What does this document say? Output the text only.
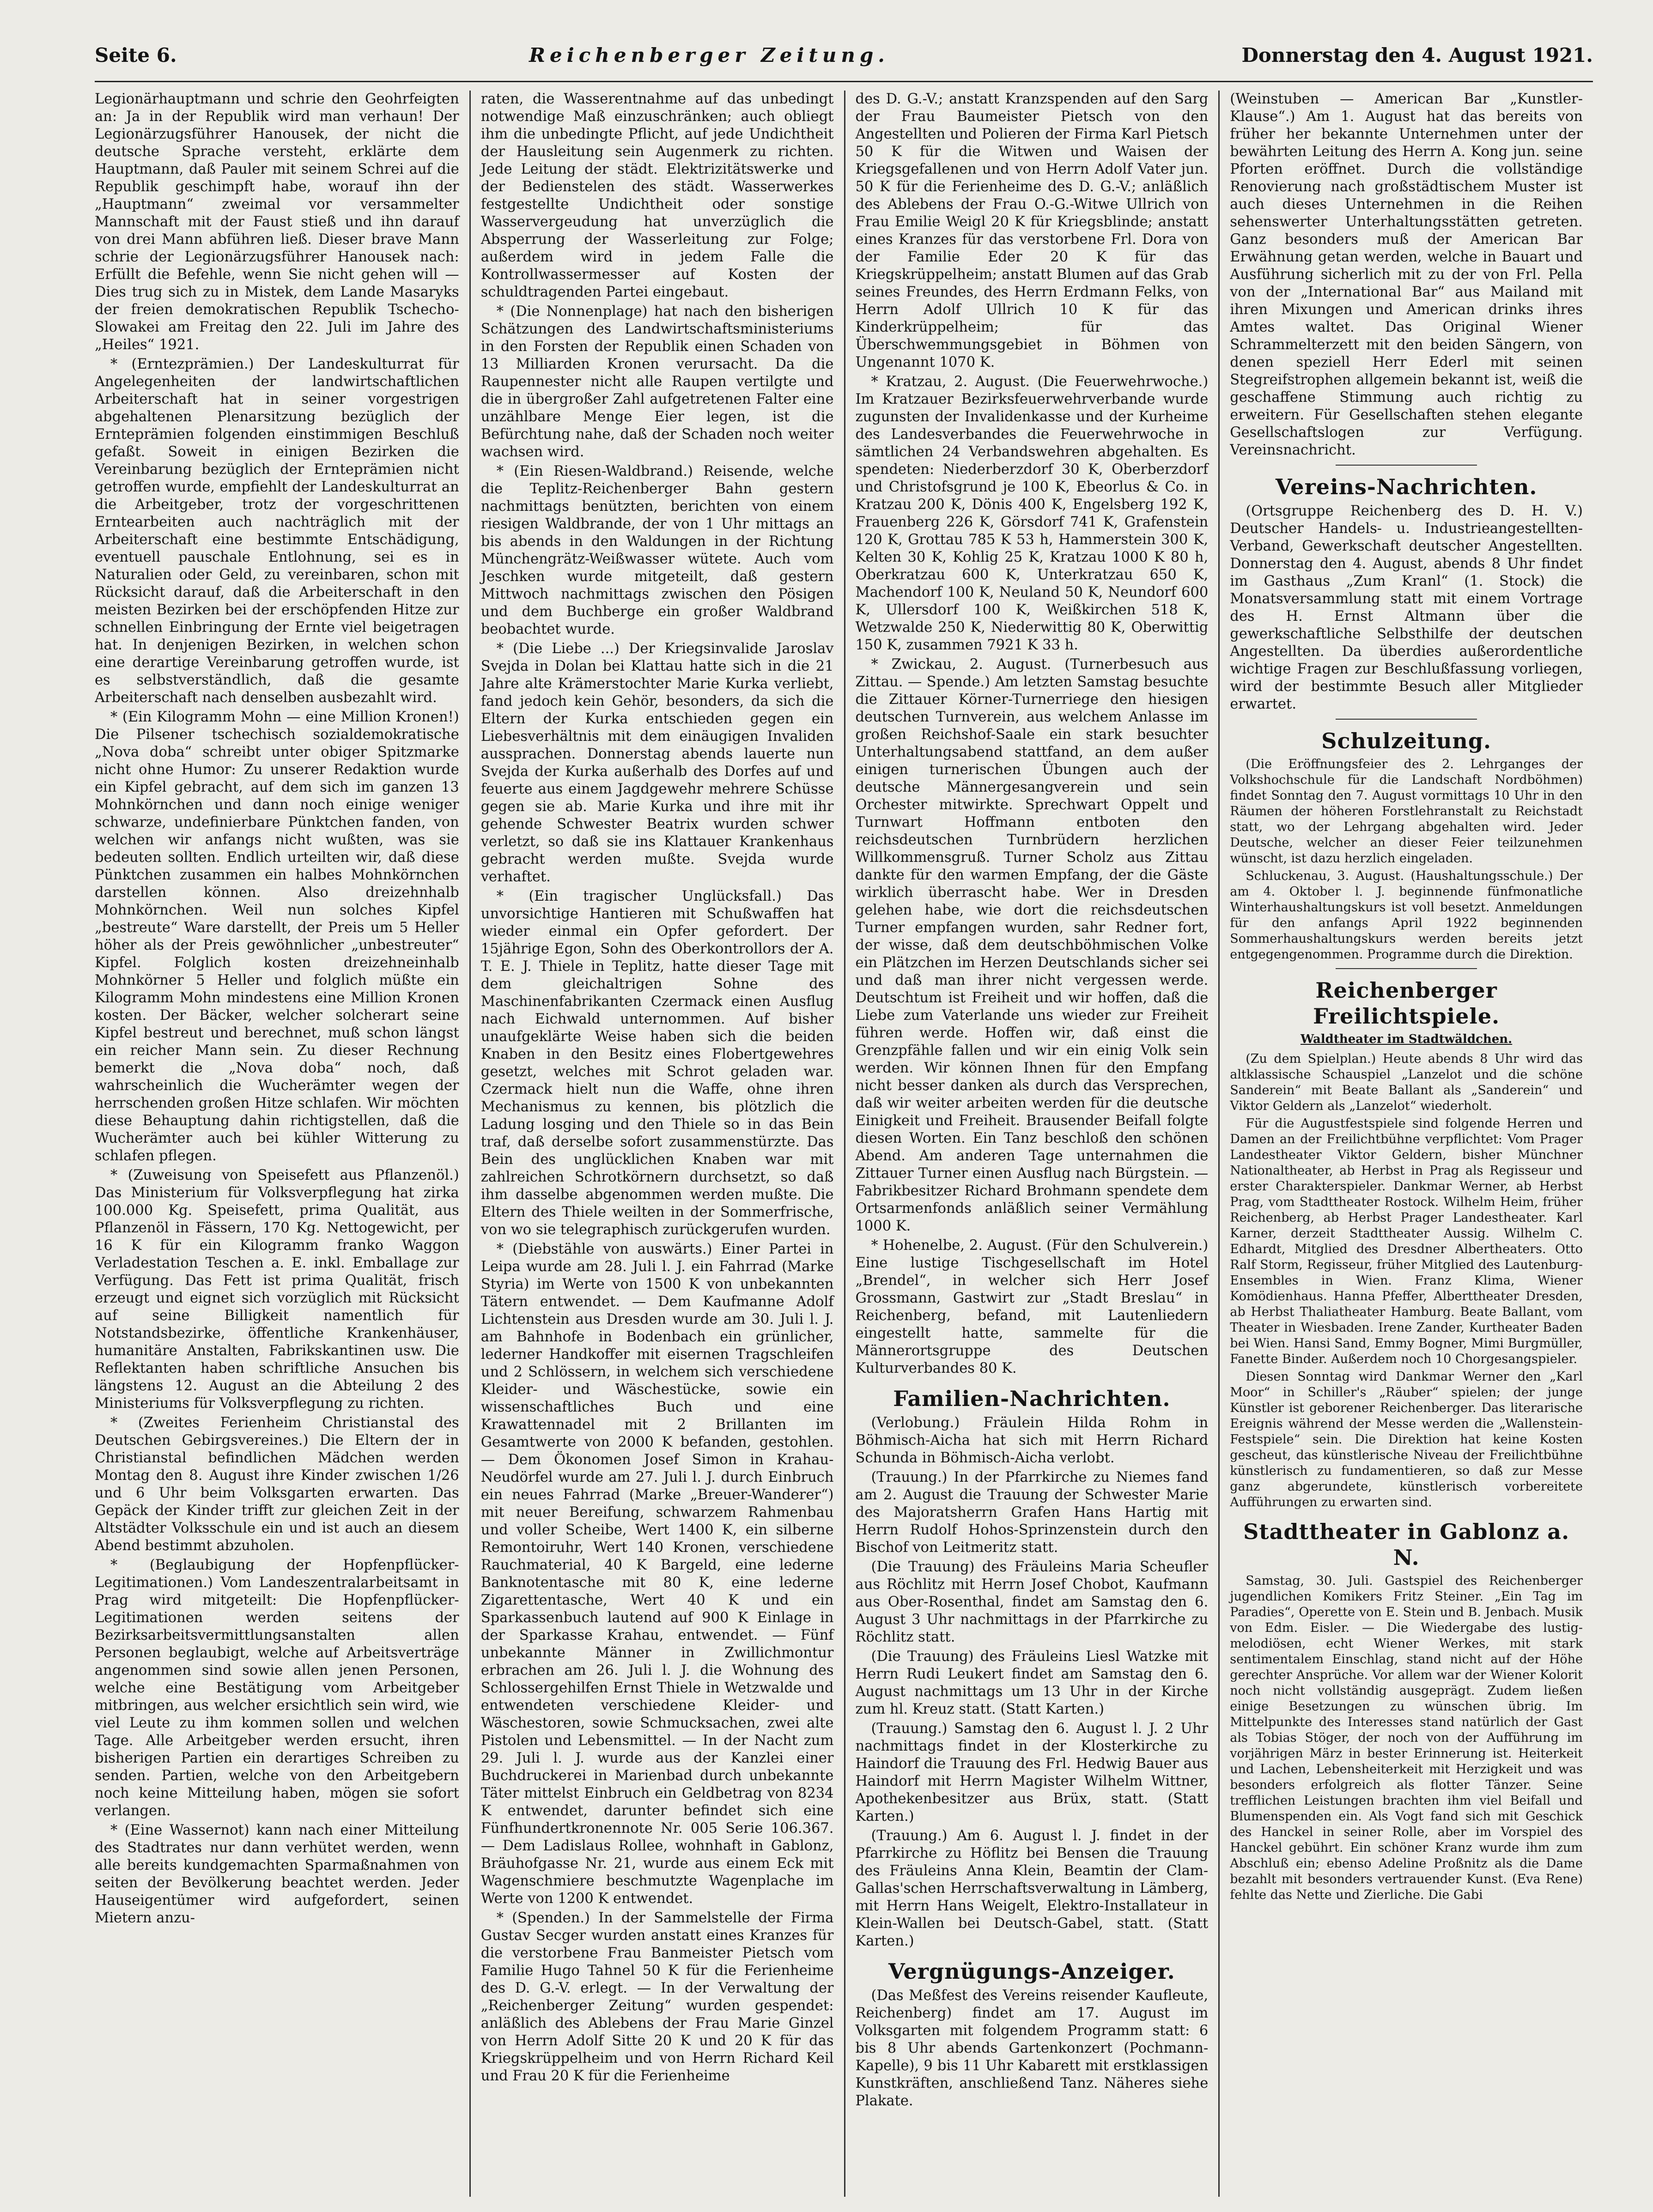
Seite 6.	Reichenberger Zeitung.	Donnerstag den 4. August 1921.

Legionärhauptmann und schrie den Geohrfeigten an: Ja in der Republik wird man verhaun! Der Legionärzugsführer Hanousek, der nicht die deutsche Sprache versteht, erklärte dem Hauptmann, daß Pauler mit seinem Schrei auf die Republik geschimpft habe, worauf ihn der „Hauptmann“ zweimal vor versammelter Mannschaft mit der Faust stieß und ihn darauf von drei Mann abführen ließ. Dieser brave Mann schrie der Legionärzugsführer Hanousek nach: Erfüllt die Befehle, wenn Sie nicht gehen will — Dies trug sich zu in Mistek, dem Lande Masaryks der freien demokratischen Republik Tschecho-Slowakei am Freitag den 22. Juli im Jahre des „Heiles“ 1921.

* (Erntezprämien.) Der Landeskulturrat für Angelegenheiten der landwirtschaftlichen Arbeiterschaft hat in seiner vorgestrigen abgehaltenen Plenarsitzung bezüglich der Ernteprämien folgenden einstimmigen Beschluß gefaßt. Soweit in einigen Bezirken die Vereinbarung bezüglich der Ernteprämien nicht getroffen wurde, empfiehlt der Landeskulturrat an die Arbeitgeber, trotz der vorgeschrittenen Erntearbeiten auch nachträglich mit der Arbeiterschaft eine bestimmte Entschädigung, eventuell pauschale Entlohnung, sei es in Naturalien oder Geld, zu vereinbaren, schon mit Rücksicht darauf, daß die Arbeiterschaft in den meisten Bezirken bei der erschöpfenden Hitze zur schnellen Einbringung der Ernte viel beigetragen hat. In denjenigen Bezirken, in welchen schon eine derartige Vereinbarung getroffen wurde, ist es selbstverständlich, daß die gesamte Arbeiterschaft nach denselben ausbezahlt wird.

* (Ein Kilogramm Mohn — eine Million Kronen!) Die Pilsener tschechisch sozialdemokratische „Nova doba“ schreibt unter obiger Spitzmarke nicht ohne Humor: Zu unserer Redaktion wurde ein Kipfel gebracht, auf dem sich im ganzen 13 Mohnkörnchen und dann noch einige weniger schwarze, undefinierbare Pünktchen fanden, von welchen wir anfangs nicht wußten, was sie bedeuten sollten. Endlich urteilten wir, daß diese Pünktchen zusammen ein halbes Mohnkörnchen darstellen können. Also dreizehnhalb Mohnkörnchen. Weil nun solches Kipfel „bestreute“ Ware darstellt, der Preis um 5 Heller höher als der Preis gewöhnlicher „unbestreuter“ Kipfel. Folglich kosten dreizehneinhalb Mohnkörner 5 Heller und folglich müßte ein Kilogramm Mohn mindestens eine Million Kronen kosten. Der Bäcker, welcher solcherart seine Kipfel bestreut und berechnet, muß schon längst ein reicher Mann sein. Zu dieser Rechnung bemerkt die „Nova doba“ noch, daß wahrscheinlich die Wucherämter wegen der herrschenden großen Hitze schlafen. Wir möchten diese Behauptung dahin richtigstellen, daß die Wucherämter auch bei kühler Witterung zu schlafen pflegen.

* (Zuweisung von Speisefett aus Pflanzenöl.) Das Ministerium für Volksverpflegung hat zirka 100.000 Kg. Speisefett, prima Qualität, aus Pflanzenöl in Fässern, 170 Kg. Nettogewicht, per 16 K für ein Kilogramm franko Waggon Verladestation Teschen a. E. inkl. Emballage zur Verfügung. Das Fett ist prima Qualität, frisch erzeugt und eignet sich vorzüglich mit Rücksicht auf seine Billigkeit namentlich für Notstandsbezirke, öffentliche Krankenhäuser, humanitäre Anstalten, Fabrikskantinen usw. Die Reflektanten haben schriftliche Ansuchen bis längstens 12. August an die Abteilung 2 des Ministeriums für Volksverpflegung zu richten.

* (Zweites Ferienheim Christianstal des Deutschen Gebirgsvereines.) Die Eltern der in Christianstal befindlichen Mädchen werden Montag den 8. August ihre Kinder zwischen 1/26 und 6 Uhr beim Volksgarten erwarten. Das Gepäck der Kinder trifft zur gleichen Zeit in der Altstädter Volksschule ein und ist auch an diesem Abend bestimmt abzuholen.

* (Beglaubigung der Hopfenpflücker-Legitimationen.) Vom Landeszentralarbeitsamt in Prag wird mitgeteilt: Die Hopfenpflücker-Legitimationen werden seitens der Bezirksarbeitsvermittlungsanstalten allen Personen beglaubigt, welche auf Arbeitsverträge angenommen sind sowie allen jenen Personen, welche eine Bestätigung vom Arbeitgeber mitbringen, aus welcher ersichtlich sein wird, wie viel Leute zu ihm kommen sollen und welchen Tage. Alle Arbeitgeber werden ersucht, ihren bisherigen Partien ein derartiges Schreiben zu senden. Partien, welche von den Arbeitgebern noch keine Mitteilung haben, mögen sie sofort verlangen.

* (Eine Wassernot) kann nach einer Mitteilung des Stadtrates nur dann verhütet werden, wenn alle bereits kundgemachten Sparmaßnahmen von seiten der Bevölkerung beachtet werden. Jeder Hauseigentümer wird aufgefordert, seinen Mietern anzu-

raten, die Wasserentnahme auf das unbedingt notwendige Maß einzuschränken; auch obliegt ihm die unbedingte Pflicht, auf jede Undichtheit der Hausleitung sein Augenmerk zu richten. Jede Leitung der städt. Elektrizitätswerke und der Bedienstelen des städt. Wasserwerkes festgestellte Undichtheit oder sonstige Wasservergeudung hat unverzüglich die Absperrung der Wasserleitung zur Folge; außerdem wird in jedem Falle die Kontrollwassermesser auf Kosten der schuldtragenden Partei eingebaut.

* (Die Nonnenplage) hat nach den bisherigen Schätzungen des Landwirtschaftsministeriums in den Forsten der Republik einen Schaden von 13 Milliarden Kronen verursacht. Da die Raupennester nicht alle Raupen vertilgte und die in übergroßer Zahl aufgetretenen Falter eine unzählbare Menge Eier legen, ist die Befürchtung nahe, daß der Schaden noch weiter wachsen wird.

* (Ein Riesen-Waldbrand.) Reisende, welche die Teplitz-Reichenberger Bahn gestern nachmittags benützten, berichten von einem riesigen Waldbrande, der von 1 Uhr mittags an bis abends in den Waldungen in der Richtung Münchengrätz-Weißwasser wütete. Auch vom Jeschken wurde mitgeteilt, daß gestern Mittwoch nachmittags zwischen den Pösigen und dem Buchberge ein großer Waldbrand beobachtet wurde.

* (Die Liebe ...) Der Kriegsinvalide Jaroslav Svejda in Dolan bei Klattau hatte sich in die 21 Jahre alte Krämerstochter Marie Kurka verliebt, fand jedoch kein Gehör, besonders, da sich die Eltern der Kurka entschieden gegen ein Liebesverhältnis mit dem einäugigen Invaliden aussprachen. Donnerstag abends lauerte nun Svejda der Kurka außerhalb des Dorfes auf und feuerte aus einem Jagdgewehr mehrere Schüsse gegen sie ab. Marie Kurka und ihre mit ihr gehende Schwester Beatrix wurden schwer verletzt, so daß sie ins Klattauer Krankenhaus gebracht werden mußte. Svejda wurde verhaftet.

* (Ein tragischer Unglücksfall.) Das unvorsichtige Hantieren mit Schußwaffen hat wieder einmal ein Opfer gefordert. Der 15jährige Egon, Sohn des Oberkontrollors der A. T. E. J. Thiele in Teplitz, hatte dieser Tage mit dem gleichaltrigen Sohne des Maschinenfabrikanten Czermack einen Ausflug nach Eichwald unternommen. Auf bisher unaufgeklärte Weise haben sich die beiden Knaben in den Besitz eines Flobertgewehres gesetzt, welches mit Schrot geladen war. Czermack hielt nun die Waffe, ohne ihren Mechanismus zu kennen, bis plötzlich die Ladung losging und den Thiele so in das Bein traf, daß derselbe sofort zusammenstürzte. Das Bein des unglücklichen Knaben war mit zahlreichen Schrotkörnern durchsetzt, so daß ihm dasselbe abgenommen werden mußte. Die Eltern des Thiele weilten in der Sommerfrische, von wo sie telegraphisch zurückgerufen wurden.

* (Diebstähle von auswärts.) Einer Partei in Leipa wurde am 28. Juli l. J. ein Fahrrad (Marke Styria) im Werte von 1500 K von unbekannten Tätern entwendet. — Dem Kaufmanne Adolf Lichtenstein aus Dresden wurde am 30. Juli l. J. am Bahnhofe in Bodenbach ein grünlicher, lederner Handkoffer mit eisernen Tragschleifen und 2 Schlössern, in welchem sich verschiedene Kleider- und Wäschestücke, sowie ein wissenschaftliches Buch und eine Krawattennadel mit 2 Brillanten im Gesamtwerte von 2000 K befanden, gestohlen. — Dem Ökonomen Josef Simon in Krahau-Neudörfel wurde am 27. Juli l. J. durch Einbruch ein neues Fahrrad (Marke „Breuer-Wanderer“) mit neuer Bereifung, schwarzem Rahmenbau und voller Scheibe, Wert 1400 K, ein silberne Remontoiruhr, Wert 140 Kronen, verschiedene Rauchmaterial, 40 K Bargeld, eine lederne Banknotentasche mit 80 K, eine lederne Zigarettentasche, Wert 40 K und ein Sparkassenbuch lautend auf 900 K Einlage in der Sparkasse Krahau, entwendet. — Fünf unbekannte Männer in Zwillichmontur erbrachen am 26. Juli l. J. die Wohnung des Schlossergehilfen Ernst Thiele in Wetzwalde und entwendeten verschiedene Kleider- und Wäschestoren, sowie Schmucksachen, zwei alte Pistolen und Lebensmittel. — In der Nacht zum 29. Juli l. J. wurde aus der Kanzlei einer Buchdruckerei in Marienbad durch unbekannte Täter mittelst Einbruch ein Geldbetrag von 8234 K entwendet, darunter befindet sich eine Fünfhundertkronennote Nr. 005 Serie 106.367. — Dem Ladislaus Rollee, wohnhaft in Gablonz, Bräuhofgasse Nr. 21, wurde aus einem Eck mit Wagenschmiere beschmutzte Wagenplache im Werte von 1200 K entwendet.

* (Spenden.) In der Sammelstelle der Firma Gustav Secger wurden anstatt eines Kranzes für die verstorbene Frau Banmeister Pietsch vom Familie Hugo Tahnel 50 K für die Ferienheime des D. G.-V. erlegt. — In der Verwaltung der „Reichenberger Zeitung“ wurden gespendet: anläßlich des Ablebens der Frau Marie Ginzel von Herrn Adolf Sitte 20 K und 20 K für das Kriegskrüppelheim und von Herrn Richard Keil und Frau 20 K für die Ferienheime

des D. G.-V.; anstatt Kranzspenden auf den Sarg der Frau Baumeister Pietsch von den Angestellten und Polieren der Firma Karl Pietsch 50 K für die Witwen und Waisen der Kriegsgefallenen und von Herrn Adolf Vater jun. 50 K für die Ferienheime des D. G.-V.; anläßlich des Ablebens der Frau O.-G.-Witwe Ullrich von Frau Emilie Weigl 20 K für Kriegsblinde; anstatt eines Kranzes für das verstorbene Frl. Dora von der Familie Eder 20 K für das Kriegskrüppelheim; anstatt Blumen auf das Grab seines Freundes, des Herrn Erdmann Felks, von Herrn Adolf Ullrich 10 K für das Kinderkrüppelheim; für das Überschwemmungsgebiet in Böhmen von Ungenannt 1070 K.

* Kratzau, 2. August. (Die Feuerwehrwoche.) Im Kratzauer Bezirksfeuerwehrverbande wurde zugunsten der Invalidenkasse und der Kurheime des Landesverbandes die Feuerwehrwoche in sämtlichen 24 Verbandswehren abgehalten. Es spendeten: Niederberzdorf 30 K, Oberberzdorf und Christofsgrund je 100 K, Ebeorlus & Co. in Kratzau 200 K, Dönis 400 K, Engelsberg 192 K, Frauenberg 226 K, Görsdorf 741 K, Grafenstein 120 K, Grottau 785 K 53 h, Hammerstein 300 K, Kelten 30 K, Kohlig 25 K, Kratzau 1000 K 80 h, Oberkratzau 600 K, Unterkratzau 650 K, Machendorf 100 K, Neuland 50 K, Neundorf 600 K, Ullersdorf 100 K, Weißkirchen 518 K, Wetzwalde 250 K, Niederwittig 80 K, Oberwittig 150 K, zusammen 7921 K 33 h.

* Zwickau, 2. August. (Turnerbesuch aus Zittau. — Spende.) Am letzten Samstag besuchte die Zittauer Körner-Turnerriege den hiesigen deutschen Turnverein, aus welchem Anlasse im großen Reichshof-Saale ein stark besuchter Unterhaltungsabend stattfand, an dem außer einigen turnerischen Übungen auch der deutsche Männergesangverein und sein Orchester mitwirkte. Sprechwart Oppelt und Turnwart Hoffmann entboten den reichsdeutschen Turnbrüdern herzlichen Willkommensgruß. Turner Scholz aus Zittau dankte für den warmen Empfang, der die Gäste wirklich überrascht habe. Wer in Dresden gelehen habe, wie dort die reichsdeutschen Turner empfangen wurden, sahr Redner fort, der wisse, daß dem deutschböhmischen Volke ein Plätzchen im Herzen Deutschlands sicher sei und daß man ihrer nicht vergessen werde. Deutschtum ist Freiheit und wir hoffen, daß die Liebe zum Vaterlande uns wieder zur Freiheit führen werde. Hoffen wir, daß einst die Grenzpfähle fallen und wir ein einig Volk sein werden. Wir können Ihnen für den Empfang nicht besser danken als durch das Versprechen, daß wir weiter arbeiten werden für die deutsche Einigkeit und Freiheit. Brausender Beifall folgte diesen Worten. Ein Tanz beschloß den schönen Abend. Am anderen Tage unternahmen die Zittauer Turner einen Ausflug nach Bürgstein. — Fabrikbesitzer Richard Brohmann spendete dem Ortsarmenfonds anläßlich seiner Vermählung 1000 K.

* Hohenelbe, 2. August. (Für den Schulverein.) Eine lustige Tischgesellschaft im Hotel „Brendel“, in welcher sich Herr Josef Grossmann, Gastwirt zur „Stadt Breslau“ in Reichenberg, befand, mit Lautenliedern eingestellt hatte, sammelte für die Männerortsgruppe des Deutschen Kulturverbandes 80 K.

Familien-Nachrichten.

(Verlobung.) Fräulein Hilda Rohm in Böhmisch-Aicha hat sich mit Herrn Richard Schunda in Böhmisch-Aicha verlobt.

(Trauung.) In der Pfarrkirche zu Niemes fand am 2. August die Trauung der Schwester Marie des Majoratsherrn Grafen Hans Hartig mit Herrn Rudolf Hohos-Sprinzenstein durch den Bischof von Leitmeritz statt.

(Die Trauung) des Fräuleins Maria Scheufler aus Röchlitz mit Herrn Josef Chobot, Kaufmann aus Ober-Rosenthal, findet am Samstag den 6. August 3 Uhr nachmittags in der Pfarrkirche zu Röchlitz statt.

(Die Trauung) des Fräuleins Liesl Watzke mit Herrn Rudi Leukert findet am Samstag den 6. August nachmittags um 13 Uhr in der Kirche zum hl. Kreuz statt. (Statt Karten.)

(Trauung.) Samstag den 6. August l. J. 2 Uhr nachmittags findet in der Klosterkirche zu Haindorf die Trauung des Frl. Hedwig Bauer aus Haindorf mit Herrn Magister Wilhelm Wittner, Apothekenbesitzer aus Brüx, statt. (Statt Karten.)

(Trauung.) Am 6. August l. J. findet in der Pfarrkirche zu Höflitz bei Bensen die Trauung des Fräuleins Anna Klein, Beamtin der Clam-Gallas'schen Herrschaftsverwaltung in Lämberg, mit Herrn Hans Weigelt, Elektro-Installateur in Klein-Wallen bei Deutsch-Gabel, statt. (Statt Karten.)

Vergnügungs-Anzeiger.

(Das Meßfest des Vereins reisender Kaufleute, Reichenberg) findet am 17. August im Volksgarten mit folgendem Programm statt: 6 bis 8 Uhr abends Gartenkonzert (Pochmann-Kapelle), 9 bis 11 Uhr Kabarett mit erstklassigen Kunstkräften, anschließend Tanz. Näheres siehe Plakate.

(Weinstuben — American Bar „Kunstler-Klause“.) Am 1. August hat das bereits von früher her bekannte Unternehmen unter der bewährten Leitung des Herrn A. Kong jun. seine Pforten eröffnet. Durch die vollständige Renovierung nach großstädtischem Muster ist auch dieses Unternehmen in die Reihen sehenswerter Unterhaltungsstätten getreten. Ganz besonders muß der American Bar Erwähnung getan werden, welche in Bauart und Ausführung sicherlich mit zu der von Frl. Pella von der „International Bar“ aus Mailand mit ihren Mixungen und American drinks ihres Amtes waltet. Das Original Wiener Schrammelterzett mit den beiden Sängern, von denen speziell Herr Ederl mit seinen Stegreifstrophen allgemein bekannt ist, weiß die geschaffene Stimmung auch richtig zu erweitern. Für Gesellschaften stehen elegante Gesellschaftslogen zur Verfügung. Vereinsnachricht.

Vereins-Nachrichten.

(Ortsgruppe Reichenberg des D. H. V.) Deutscher Handels- u. Industrieangestellten-Verband, Gewerkschaft deutscher Angestellten. Donnerstag den 4. August, abends 8 Uhr findet im Gasthaus „Zum Kranl“ (1. Stock) die Monatsversammlung statt mit einem Vortrage des H. Ernst Altmann über die gewerkschaftliche Selbsthilfe der deutschen Angestellten. Da überdies außerordentliche wichtige Fragen zur Beschlußfassung vorliegen, wird der bestimmte Besuch aller Mitglieder erwartet.

Schulzeitung.

(Die Eröffnungsfeier des 2. Lehrganges der Volkshochschule für die Landschaft Nordböhmen) findet Sonntag den 7. August vormittags 10 Uhr in den Räumen der höheren Forstlehranstalt zu Reichstadt statt, wo der Lehrgang abgehalten wird. Jeder Deutsche, welcher an dieser Feier teilzunehmen wünscht, ist dazu herzlich eingeladen.

Schluckenau, 3. August. (Haushaltungsschule.) Der am 4. Oktober l. J. beginnende fünfmonatliche Winterhaushaltungskurs ist voll besetzt. Anmeldungen für den anfangs April 1922 beginnenden Sommerhaushaltungskurs werden bereits jetzt entgegengenommen. Programme durch die Direktion.

Reichenberger Freilichtspiele.
Waldtheater im Stadtwäldchen.

(Zu dem Spielplan.) Heute abends 8 Uhr wird das altklassische Schauspiel „Lanzelot und die schöne Sanderein“ mit Beate Ballant als „Sanderein“ und Viktor Geldern als „Lanzelot“ wiederholt.

Für die Augustfestspiele sind folgende Herren und Damen an der Freilichtbühne verpflichtet: Vom Prager Landestheater Viktor Geldern, bisher Münchner Nationaltheater, ab Herbst in Prag als Regisseur und erster Charakterspieler. Dankmar Werner, ab Herbst Prag, vom Stadttheater Rostock. Wilhelm Heim, früher Reichenberg, ab Herbst Prager Landestheater. Karl Karner, derzeit Stadttheater Aussig. Wilhelm C. Edhardt, Mitglied des Dresdner Albertheaters. Otto Ralf Storm, Regisseur, früher Mitglied des Lautenburg-Ensembles in Wien. Franz Klima, Wiener Komödienhaus. Hanna Pfeffer, Alberttheater Dresden, ab Herbst Thaliatheater Hamburg. Beate Ballant, vom Theater in Wiesbaden. Irene Zander, Kurtheater Baden bei Wien. Hansi Sand, Emmy Bogner, Mimi Burgmüller, Fanette Binder. Außerdem noch 10 Chorgesangspieler.

Diesen Sonntag wird Dankmar Werner den „Karl Moor“ in Schiller's „Räuber“ spielen; der junge Künstler ist geborener Reichenberger. Das literarische Ereignis während der Messe werden die „Wallenstein-Festspiele“ sein. Die Direktion hat keine Kosten gescheut, das künstlerische Niveau der Freilichtbühne künstlerisch zu fundamentieren, so daß zur Messe ganz abgerundete, künstlerisch vorbereitete Aufführungen zu erwarten sind.

Stadttheater in Gablonz a. N.

Samstag, 30. Juli. Gastspiel des Reichenberger jugendlichen Komikers Fritz Steiner. „Ein Tag im Paradies“, Operette von E. Stein und B. Jenbach. Musik von Edm. Eisler. — Die Wiedergabe des lustig-melodiösen, echt Wiener Werkes, mit stark sentimentalem Einschlag, stand nicht auf der Höhe gerechter Ansprüche. Vor allem war der Wiener Kolorit noch nicht vollständig ausgeprägt. Zudem ließen einige Besetzungen zu wünschen übrig. Im Mittelpunkte des Interesses stand natürlich der Gast als Tobias Stöger, der noch von der Aufführung im vorjährigen März in bester Erinnerung ist. Heiterkeit und Lachen, Lebensheiterkeit mit Herzigkeit und was besonders erfolgreich als flotter Tänzer. Seine trefflichen Leistungen brachten ihm viel Beifall und Blumenspenden ein. Als Vogt fand sich mit Geschick des Hanckel in seiner Rolle, aber im Vorspiel des Hanckel gebührt. Ein schöner Kranz wurde ihm zum Abschluß ein; ebenso Adeline Proßnitz als die Dame bezahlt mit besonders vertrauender Kunst. (Eva Rene) fehlte das Nette und Zierliche. Die Gabi
